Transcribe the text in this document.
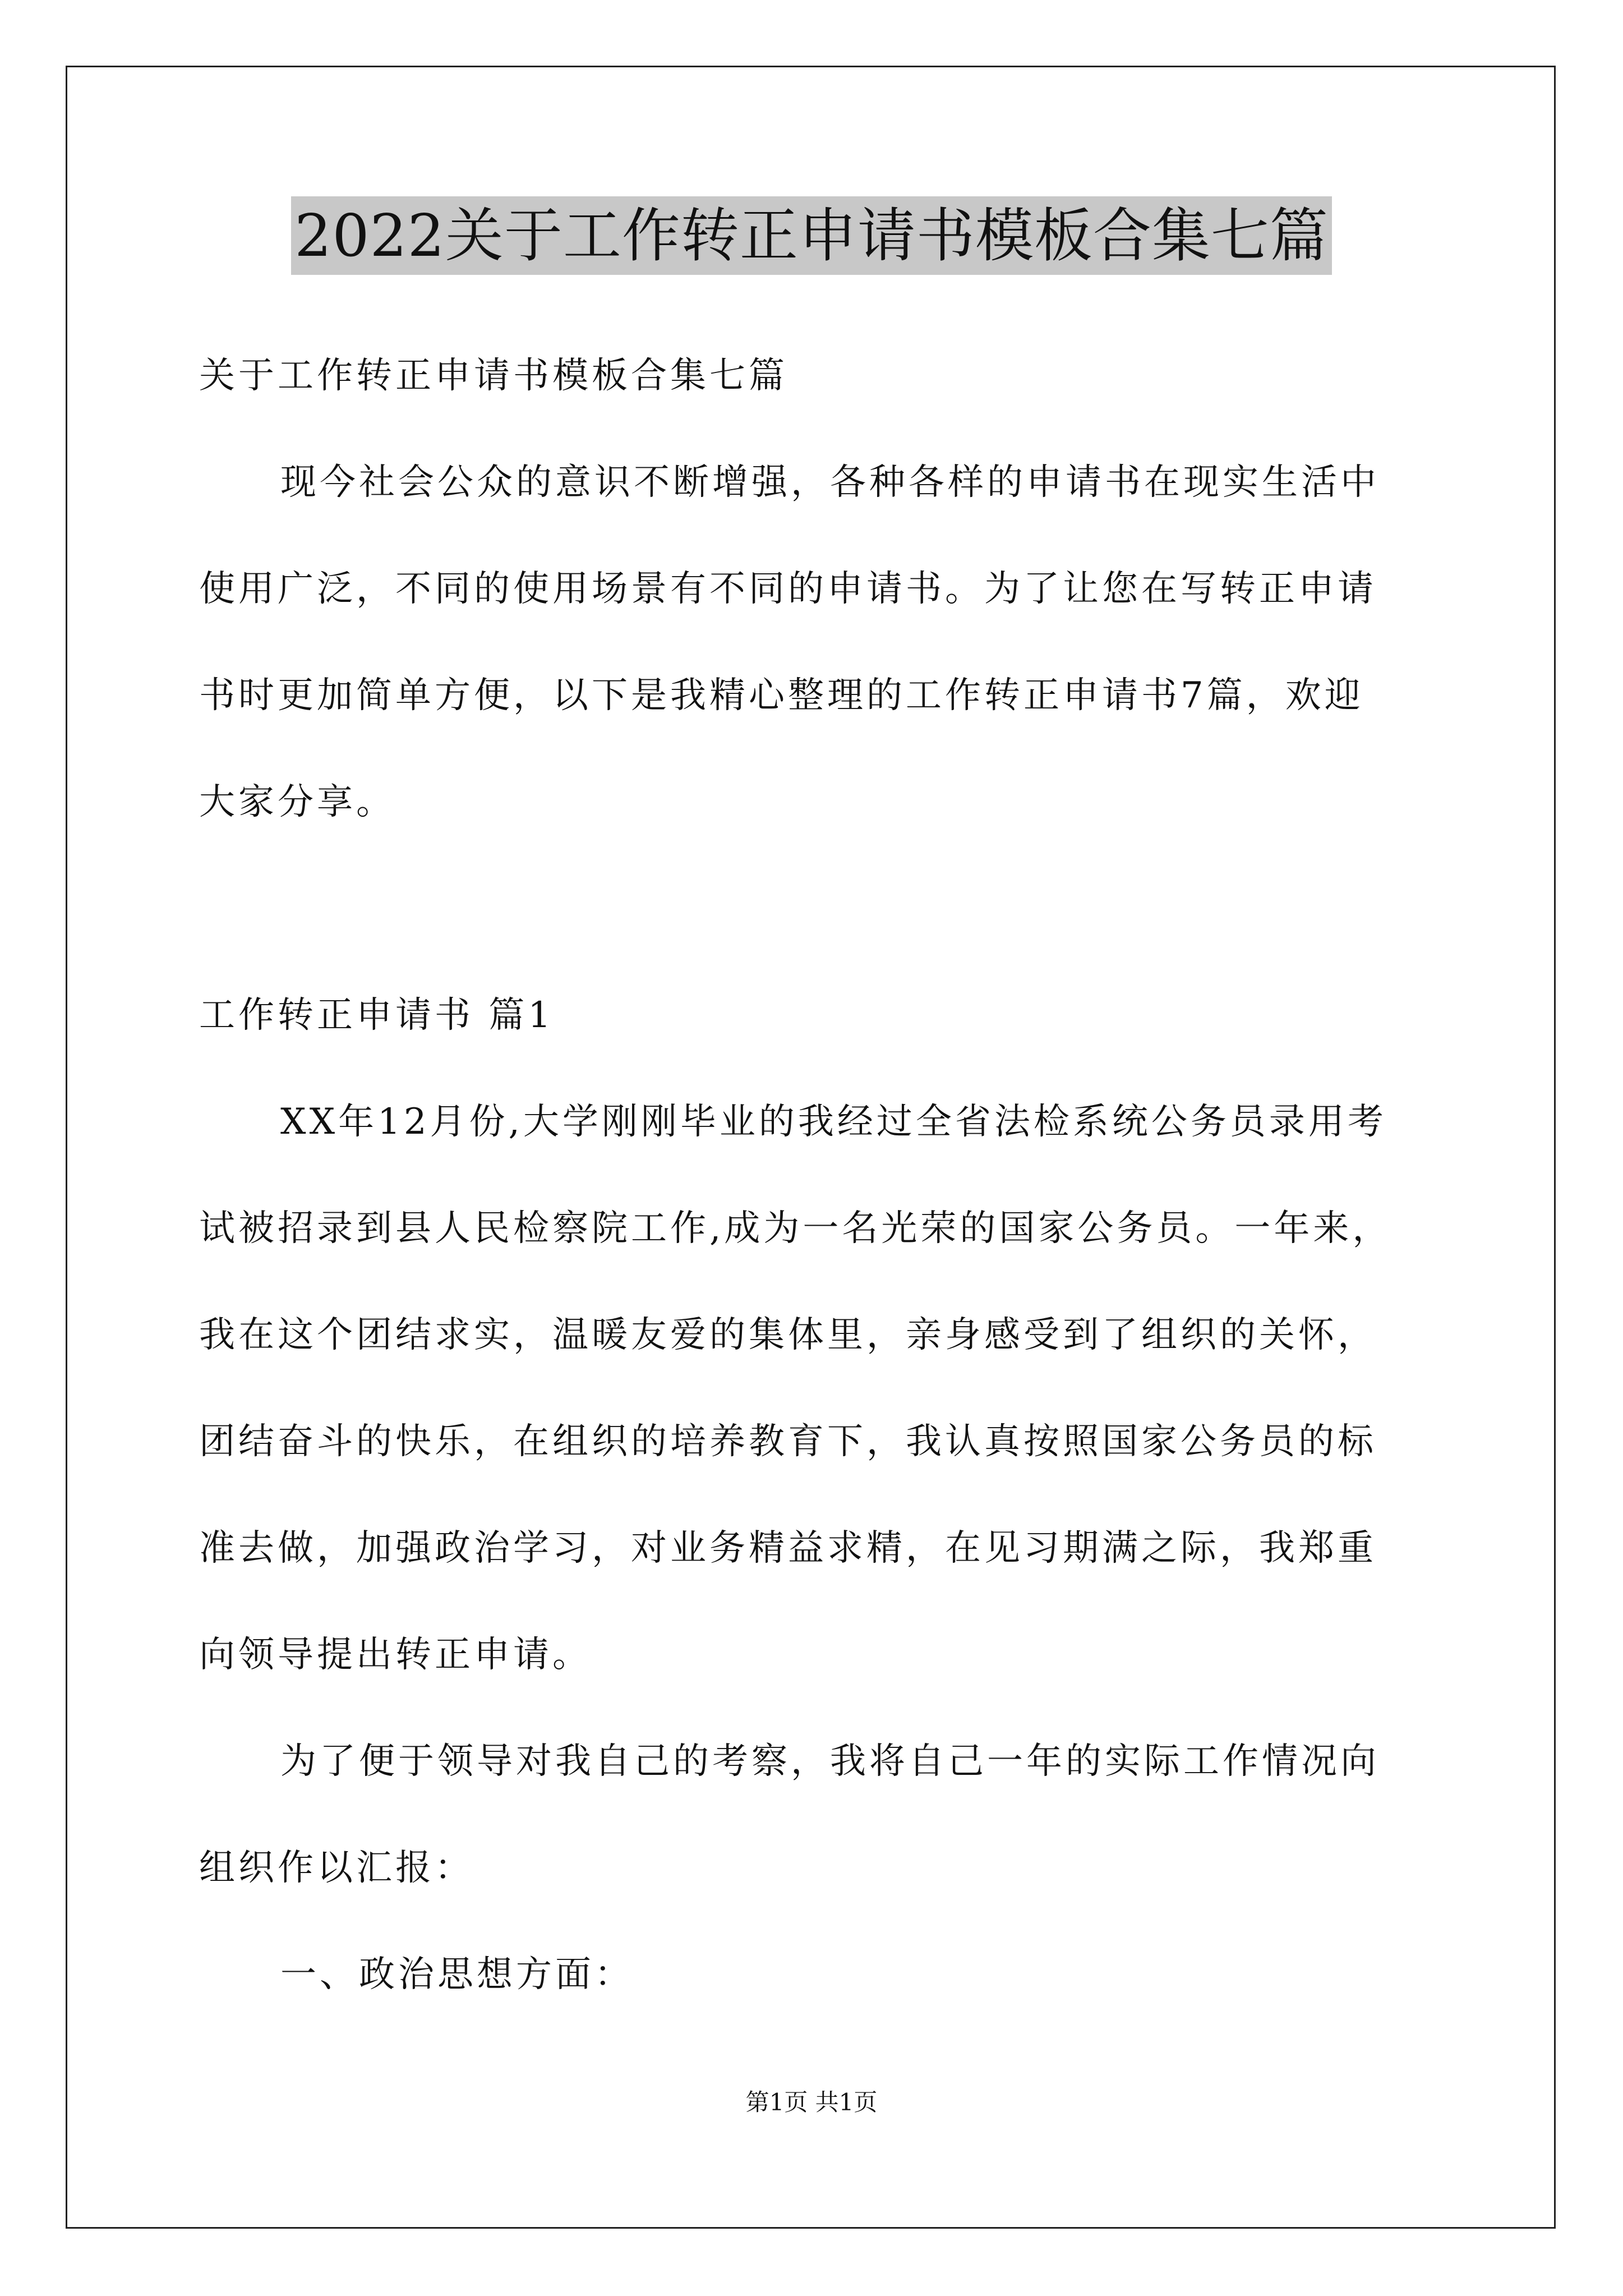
2022关于工作转正申请书模板合集七篇
关于工作转正申请书模板合集七篇
现今社会公众的意识不断增强，各种各样的申请书在现实生活中
使用广泛，不同的使用场景有不同的申请书。为了让您在写转正申请
书时更加简单方便，以下是我精心整理的工作转正申请书7篇，欢迎
大家分享。
工作转正申请书 篇1
XX年12月份,大学刚刚毕业的我经过全省法检系统公务员录用考
试被招录到县人民检察院工作,成为一名光荣的国家公务员。一年来，
我在这个团结求实，温暖友爱的集体里，亲身感受到了组织的关怀，
团结奋斗的快乐，在组织的培养教育下，我认真按照国家公务员的标
准去做，加强政治学习，对业务精益求精，在见习期满之际，我郑重
向领导提出转正申请。
为了便于领导对我自己的考察，我将自己一年的实际工作情况向
组织作以汇报：
一、政治思想方面：
第1页 共1页
